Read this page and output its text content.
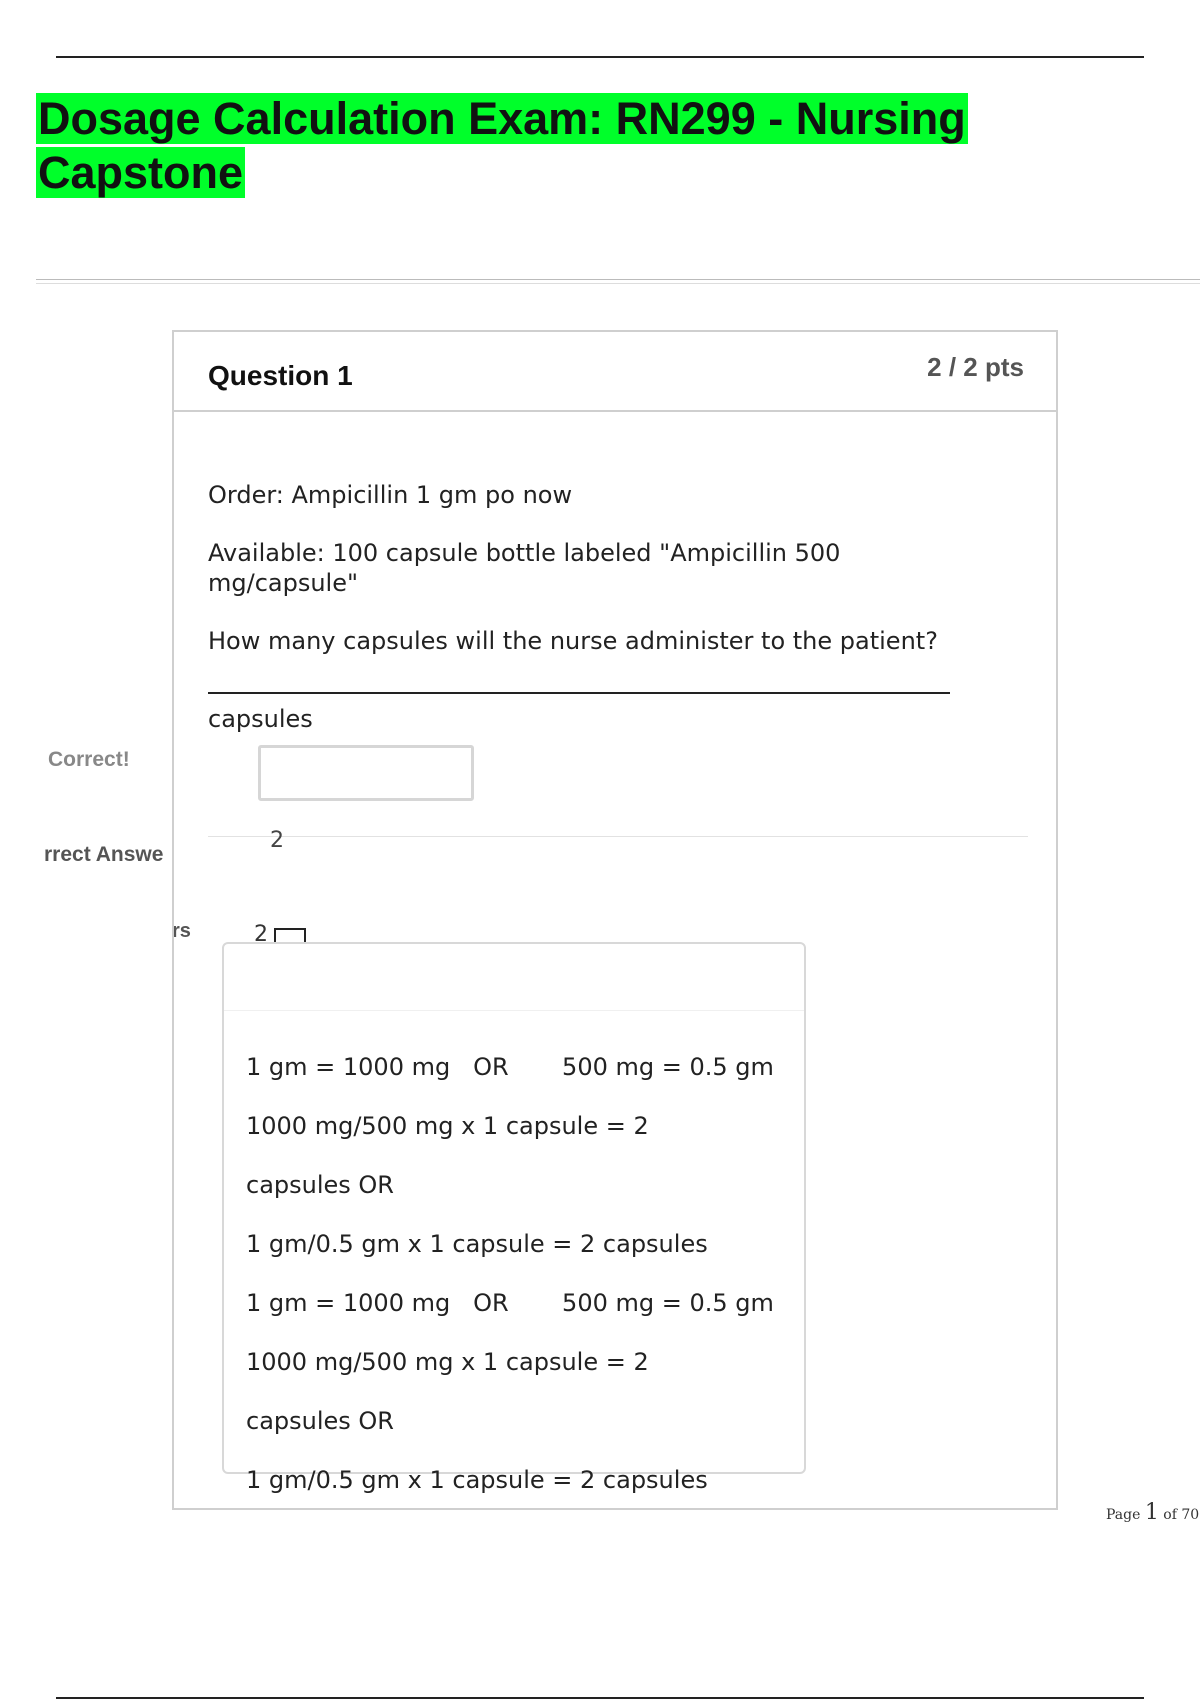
Dosage Calculation Exam: RN299 - Nursing Capstone
Correct!
rrect Answe
rs
Question 1	2 / 2 pts
Order: Ampicillin 1 gm po now
Available: 100 capsule bottle labeled "Ampicillin 500 mg/capsule"
How many capsules will the nurse administer to the patient?
capsules
2
2
1 gm = 1000 mg   OR       500 mg = 0.5 gm
1000 mg/500 mg x 1 capsule = 2
capsules OR
1 gm/0.5 gm x 1 capsule = 2 capsules
1 gm = 1000 mg   OR       500 mg = 0.5 gm
1000 mg/500 mg x 1 capsule = 2
capsules OR
1 gm/0.5 gm x 1 capsule = 2 capsules
Page 1 of 70
